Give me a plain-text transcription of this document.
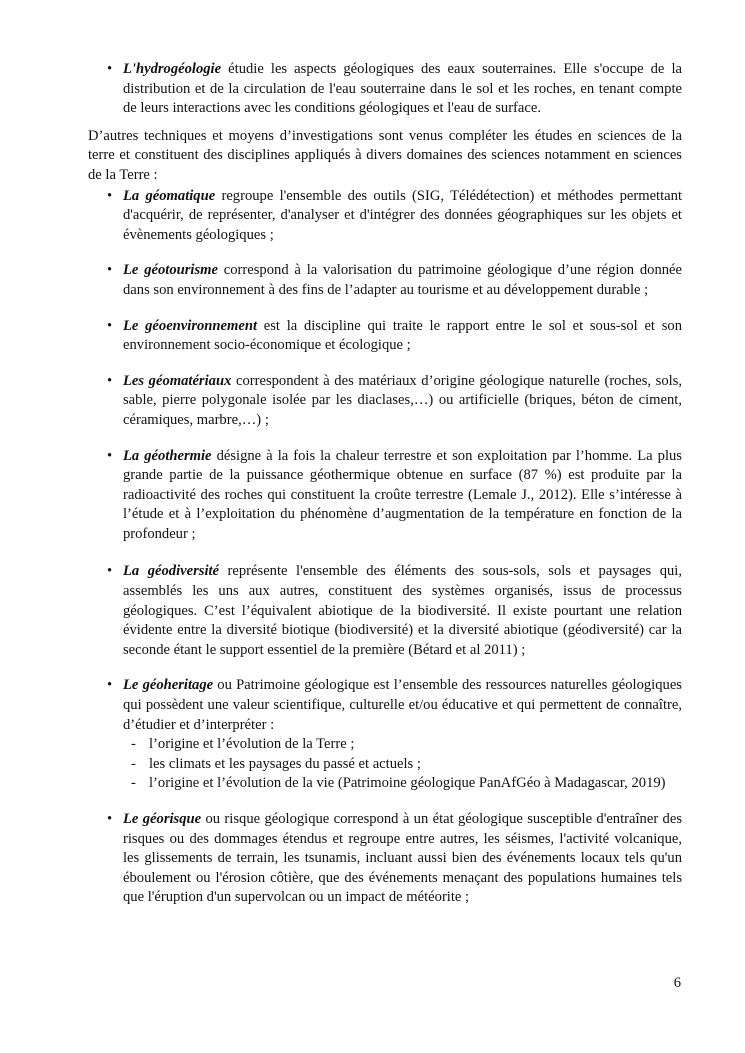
• L'hydrogéologie étudie les aspects géologiques des eaux souterraines. Elle s'occupe de la distribution et de la circulation de l'eau souterraine dans le sol et les roches, en tenant compte de leurs interactions avec les conditions géologiques et l'eau de surface.

D’autres techniques et moyens d’investigations sont venus compléter les études en sciences de la terre et constituent des disciplines appliqués à divers domaines des sciences notamment en sciences de la Terre :

• La géomatique regroupe l'ensemble des outils (SIG, Télédétection) et méthodes permettant d'acquérir, de représenter, d'analyser et d'intégrer des données géographiques sur les objets et évènements géologiques ;
• Le géotourisme correspond à la valorisation du patrimoine géologique d’une région donnée dans son environnement à des fins de l’adapter au tourisme et au développement durable ;
• Le géoenvironnement est la discipline qui traite le rapport entre le sol et sous-sol et son environnement socio-économique et écologique ;
• Les géomatériaux correspondent à des matériaux d’origine géologique naturelle (roches, sols, sable, pierre polygonale isolée par les diaclases,…) ou artificielle (briques, béton de ciment, céramiques, marbre,…) ;
• La géothermie désigne à la fois la chaleur terrestre et son exploitation par l’homme. La plus grande partie de la puissance géothermique obtenue en surface (87 %) est produite par la radioactivité des roches qui constituent la croûte terrestre (Lemale J., 2012). Elle s’intéresse à l’étude et à l’exploitation du phénomène d’augmentation de la température en fonction de la profondeur ;
• La géodiversité représente l'ensemble des éléments des sous-sols, sols et paysages qui, assemblés les uns aux autres, constituent des systèmes organisés, issus de processus géologiques. C’est l’équivalent abiotique de la biodiversité. Il existe pourtant une relation évidente entre la diversité biotique (biodiversité) et la diversité abiotique (géodiversité) car la seconde étant le support essentiel de la première (Bétard et al 2011) ;
• Le géoheritage ou Patrimoine géologique est l’ensemble des ressources naturelles géologiques qui possèdent une valeur scientifique, culturelle et/ou éducative et qui permettent de connaître, d’étudier et d’interpréter :
- l’origine et l’évolution de la Terre ;
- les climats et les paysages du passé et actuels ;
- l’origine et l’évolution de la vie (Patrimoine géologique PanAfGéo à Madagascar, 2019)
• Le géorisque ou risque géologique correspond à un état géologique susceptible d'entraîner des risques ou des dommages étendus et regroupe entre autres, les séismes, l'activité volcanique, les glissements de terrain, les tsunamis, incluant aussi bien des événements locaux tels qu'un éboulement ou l'érosion côtière, que des événements menaçant des populations humaines tels que l'éruption d'un supervolcan ou un impact de météorite ;
6
